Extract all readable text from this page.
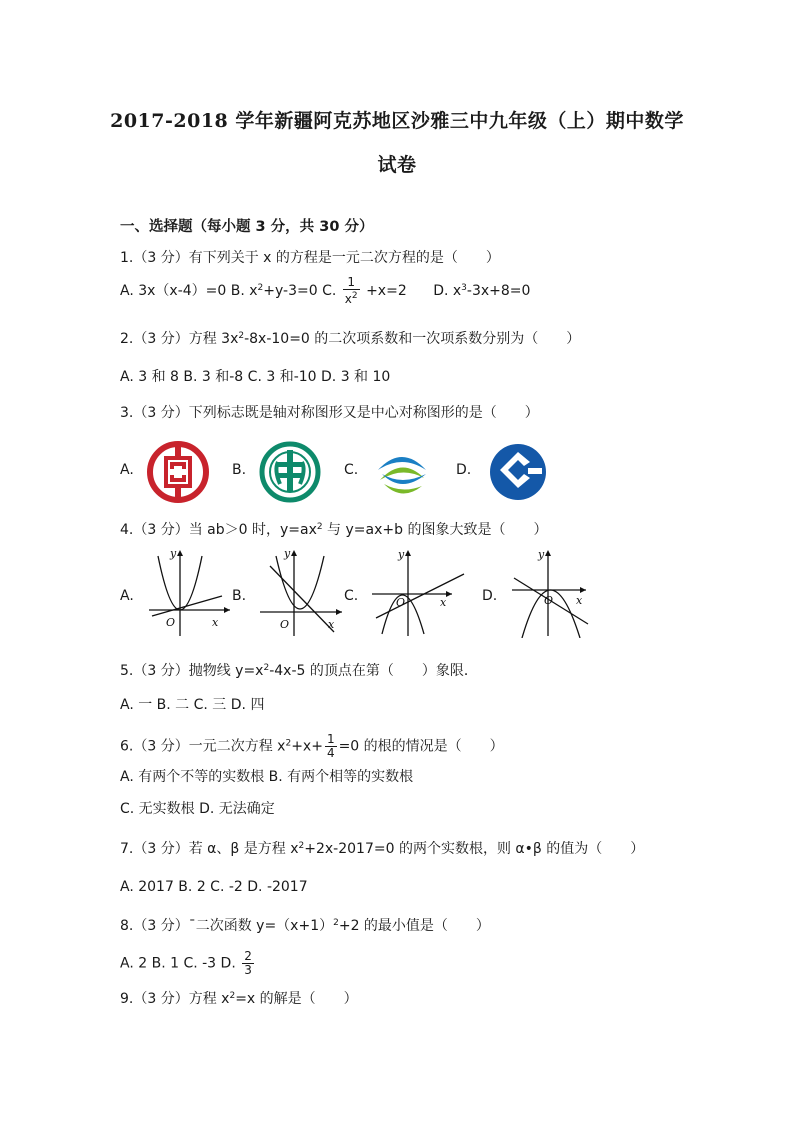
2017-2018 学年新疆阿克苏地区沙雅三中九年级（上）期中数学
试卷
一、选择题（每小题 3 分，共 30 分）
1.（3 分）有下列关于 x 的方程是一元二次方程的是（　　）
A. 3x（x-4）=0 B. $x^2+y-3=0$ C. $\frac{1}{x^2} +x=2$ D. $x^3-3x+8=0$
2.（3 分）方程 $3x^2-8x-10=0$ 的二次项系数和一次项系数分别为（　　）
A. 3 和 8 B. 3 和-8 C. 3 和-10 D. 3 和 10
3.（3 分）下列标志既是轴对称图形又是中心对称图形的是（　　）
A.	B.	C.	D.
4.（3 分）当 ab＞0 时，$y=ax^2$ 与 y=ax+b 的图象大致是（　　）
A.	B.	C.	D.
y
x
O
y
x
O
y
x
O
y
x
O
5.（3 分）抛物线 $y=x^2-4x-5$ 的顶点在第（　　）象限．
A. 一 B. 二 C. 三 D. 四
6.（3 分）一元二次方程 $x^2+x+ \frac{1}{4} =0$ 的根的情况是（　　）
A. 有两个不等的实数根 B. 有两个相等的实数根
C. 无实数根 D. 无法确定
7.（3 分）若 α、β 是方程 $x^2+2x-2017=0$ 的两个实数根，则 α•β 的值为（　　）
A. 2017 B. 2 C. -2 D. -2017
8.（3 分）ˉ二次函数 $y=(x+1)^2+2$ 的最小值是（　　）
A. 2 B. 1 C. -3 D. $\frac{2}{3}$
9.（3 分）方程 $x^2=x$ 的解是（　　）
